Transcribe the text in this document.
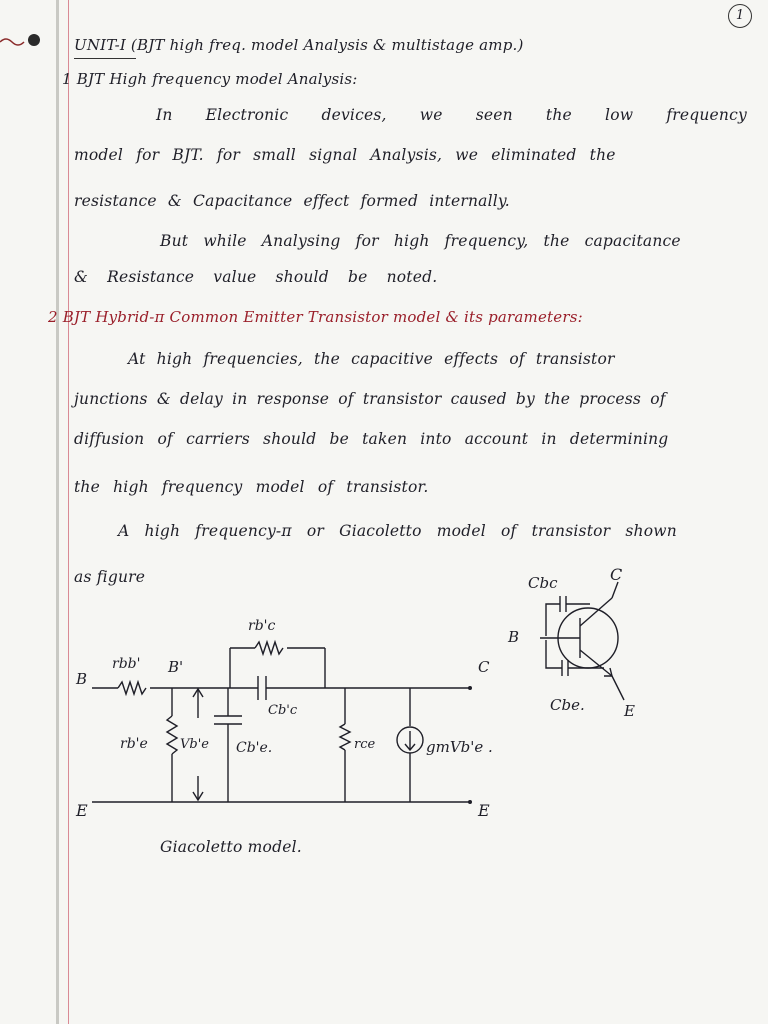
1
UNIT-I (BJT high freq. model Analysis & multistage amp.)
1 BJT High frequency model Analysis:
In Electronic devices, we seen the low frequency
model for BJT. for small signal Analysis, we eliminated the
resistance & Capacitance effect formed internally.
But while Analysing for high frequency, the capacitance
& Resistance value should be noted.
2 BJT Hybrid-π Common Emitter Transistor model & its parameters:
At high frequencies, the capacitive effects of transistor
junctions & delay in response of transistor caused by the process of
diffusion of carriers should be taken into account in determining
the high frequency model of transistor.
A high frequency-π or Giacoletto model of transistor shown
as figure
B
rbb' B'
rb'c
Cb'c
C
rb'e Vb'e Cb'e.	rce	gmVb'e .
E	E
Cbc	C
B
Cbe.	E
Giacoletto model.
